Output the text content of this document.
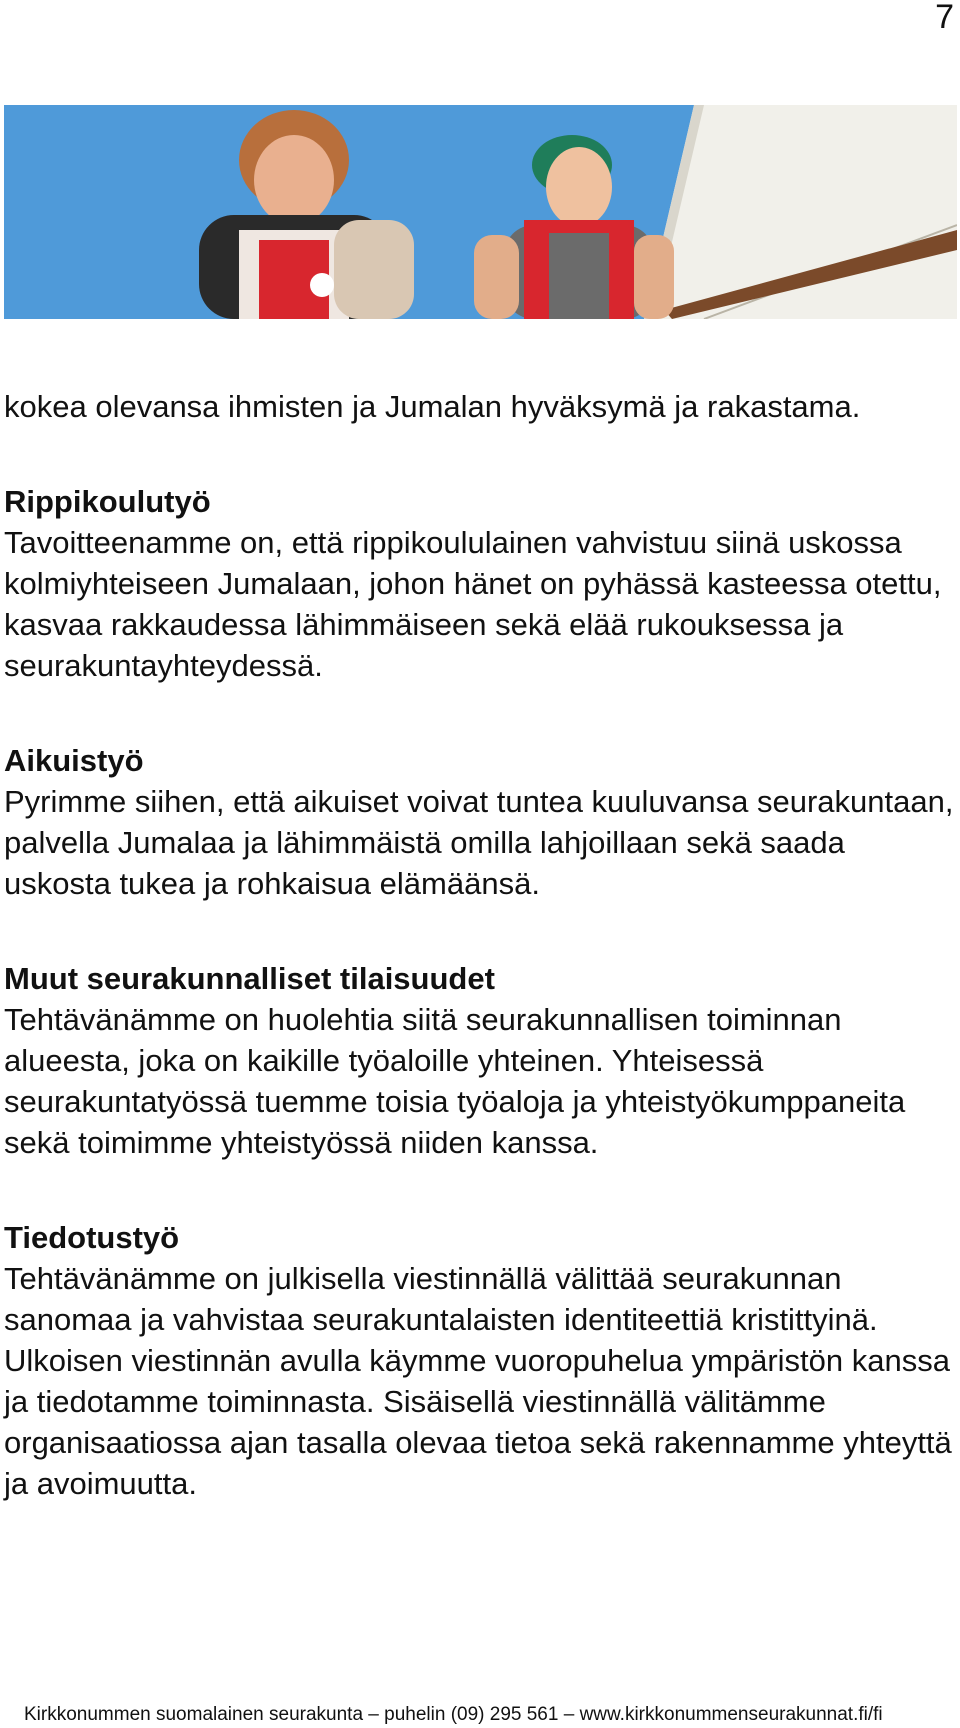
7

kokea olevansa ihmisten ja Jumalan hyväksymä ja rakastama.

Rippikoulutyö

Tavoitteenamme on, että rippikoululainen vahvistuu siinä uskossa kolmiyhteiseen Jumalaan, johon hänet on pyhässä kasteessa otettu, kasvaa rakkaudessa lähimmäiseen sekä elää rukouksessa ja seurakuntayhteydessä.

Aikuistyö

Pyrimme siihen, että aikuiset voivat tuntea kuuluvansa seurakuntaan, palvella Jumalaa ja lähimmäistä omilla lahjoillaan sekä saada uskosta tukea ja rohkaisua elämäänsä.

Muut seurakunnalliset tilaisuudet

Tehtävänämme on huolehtia siitä seurakunnallisen toiminnan alueesta, joka on kaikille työaloille yhteinen. Yhteisessä seurakuntatyössä tuemme toisia työaloja ja yhteistyökumppaneita sekä toimimme yhteistyössä niiden kanssa.

Tiedotustyö

Tehtävänämme on julkisella viestinnällä välittää seurakunnan sanomaa ja vahvistaa seurakuntalaisten identiteettiä kristittyinä. Ulkoisen viestinnän avulla käymme vuoropuhelua ympäristön kanssa ja tiedotamme toiminnasta. Sisäisellä viestinnällä välitämme organisaatiossa ajan tasalla olevaa tietoa sekä rakennamme yhteyttä ja avoimuutta.

Kirkkonummen suomalainen seurakunta – puhelin (09) 295 561 – www.kirkkonummenseurakunnat.fi/fi
